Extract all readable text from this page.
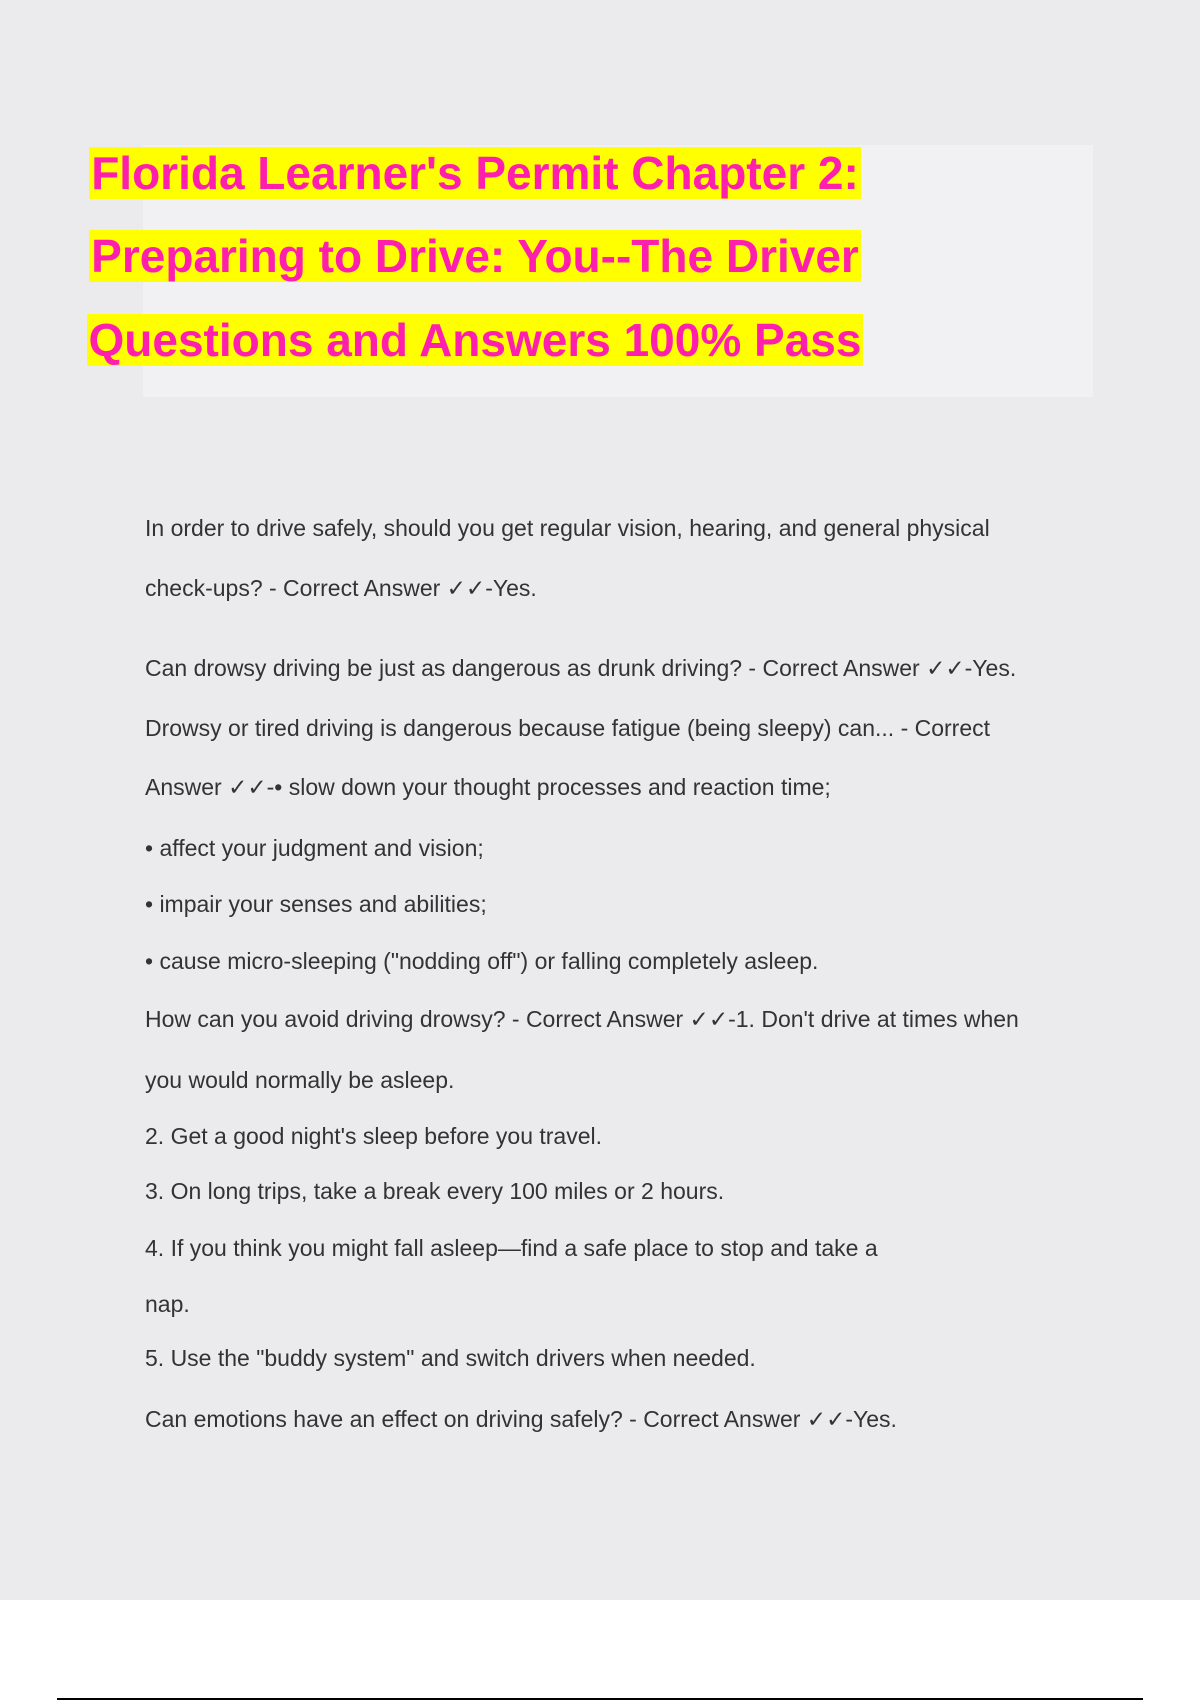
Florida Learner's Permit Chapter 2:
Preparing to Drive: You--The Driver
Questions and Answers 100% Pass
In order to drive safely, should you get regular vision, hearing, and general physical
check-ups? - Correct Answer ✓✓-Yes.
Can drowsy driving be just as dangerous as drunk driving? - Correct Answer ✓✓-Yes.
Drowsy or tired driving is dangerous because fatigue (being sleepy) can... - Correct
Answer ✓✓-• slow down your thought processes and reaction time;
• affect your judgment and vision;
• impair your senses and abilities;
• cause micro-sleeping ("nodding off") or falling completely asleep.
How can you avoid driving drowsy? - Correct Answer ✓✓-1. Don't drive at times when
you would normally be asleep.
2. Get a good night's sleep before you travel.
3. On long trips, take a break every 100 miles or 2 hours.
4. If you think you might fall asleep—find a safe place to stop and take a
nap.
5. Use the "buddy system" and switch drivers when needed.
Can emotions have an effect on driving safely? - Correct Answer ✓✓-Yes.
